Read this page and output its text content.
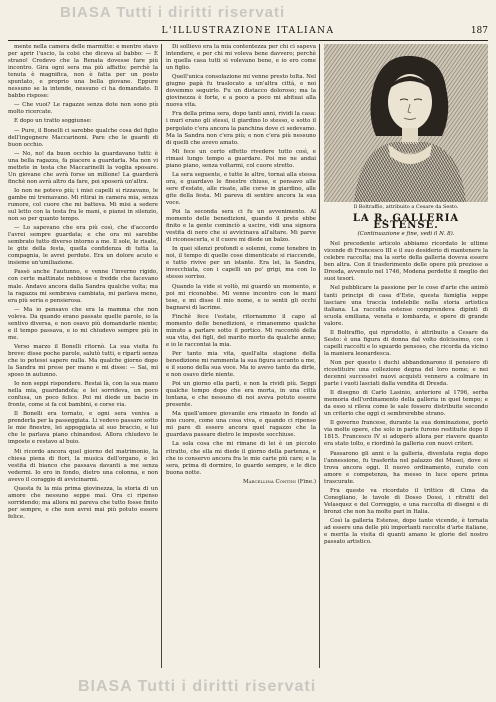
BIASA Tutti i diritti riservati
L'ILLUSTRAZIONE ITALIANA	187

mente nella camera delle marmitte: e mentre stavo per aprir l'uscio, la colsi che diceva al babbo: — È strano! Credevo che la Renata dovesse fare più incontro. Gira ogni sera ma più affatto: perchè la tenuta è magnifica, non è fatta per un posto spuntato, e proprio una bella giovane. Eppure nessuno se la intende, nessuno ci ha domandato. Il babbo rispose:

— Che vuoi? Le ragazze senza dote non sono più molto ricercate.

E dopo un tratto soggiunse:

— Pure, il Bonelli ci sarebbe qualche cosa del figlio dell'ingegnere Maccarinoni. Pare che le guardi di buon occhio.

— No, no! da buon occhio la guardavano tutti: è una bella ragazza, fa piacere a guardarla. Ma non vi mettete in testa che Maccarinelli la voglia sposare. Un giovane che avrà forse un milione! La guarderà finchè non avrà altro da fare, poi sposerà un'altra.

Io non ne potevo più; i miei capelli si rizzavano, le gambe mi tremavano. Mi ritirai in camera mia, senza rumore, col cuore che mi batteva. Mi misi a sedere sul letto con la testa fra le mani, e piansi in silenzio, non so per quanto tempo.

— Lo sapevano che era più così, che d'accordo l'avrei sempre guardata; e che ora mi sarebbe sembrato tutto diverso intorno a me. Il sole, le risate, le gite della festa, quella confidenza di tutta la compagnia, le avrei perdute. Era un dolore acuto e insieme un'umiliazione.

Passò anche l'autunno, e venne l'inverno rigido, con certe mattinate nebbiose e fredde che facevano male. Andavo ancora dalla Sandra qualche volta; ma la ragazza mi sembrava cambiata, mi parlava meno, era più seria e pensierosa.

— Ma io pensavo che era la mamma che non voleva. Da quando erano passate quelle parole, io la sentivo diversa, e non osavo più domandarle niente; e il tempo passava, e io mi chiudevo sempre più in me.

Verso marzo il Bonelli ritornò. La sua visita fu breve: disse poche parole, salutò tutti, e ripartì senza che io potessi sapere nulla. Ma qualche giorno dopo la Sandra mi prese per mano e mi disse: — Sai, mi sposo in autunno.

Io non seppi rispondere. Restai là, con la sua mano nella mia, guardandola; e lei sorrideva, un poco confusa, un poco felice. Poi mi diede un bacio in fronte, come si fa coi bambini, e corse via.

Il Bonelli era tornato, e ogni sera veniva a prenderla per la passeggiata. Li vedevo passare sotto le mie finestre, lei appoggiata al suo braccio, e lui che le parlava piano chinandosi. Allora chiudevo le imposte e restavo al buio.

Mi ricordo ancora quel giorno del matrimonio, la chiesa piena di fiori, la musica dell'organo, e lei vestita di bianco che passava davanti a me senza vedermi. Io ero in fondo, dietro una colonna, e non avevo il coraggio di avvicinarmi.

Questa fu la mia prima giovinezza, la storia di un amore che nessuno seppe mai. Ora ci ripenso sorridendo; ma allora mi pareva che tutto fosse finito per sempre, e che non avrei mai più potuto essere felice.

Di sollievo era la mia contentezza per chi ci sapeva intendere, e per chi mi voleva bene davvero; perchè in quella casa tutti si volevano bene, e io ero come un figlio.

Quell'unica consolazione mi venne presto tolta. Nel giugno papà fu traslocato a un'altra città, e noi dovemmo seguirlo. Fu un distacco doloroso; ma la giovinezza è forte, e a poco a poco mi abituai alla nuova vita.

Fra della prima sera, dopo tanti anni, rividi la casa: i muri erano gli stessi, il giardino lo stesso, e sotto il pergolato c'era ancora la panchina dove ci sedevamo. Ma la Sandra non c'era più; e non c'era più nessuno di quelli che avevo amato.

Mi fece un certo effetto rivedere tutto così, e rimasi lungo tempo a guardare. Poi me ne andai piano piano, senza voltarmi, col cuore stretto.

La sera seguente, e tutte le altre, tornai alla stessa ora, e guardavo le finestre chiuse, e pensavo alle sere d'estate, alle risate, alle corse in giardino, alle gite della festa. Mi pareva di sentire ancora la sua voce.

Poi la seconda sera ci fu un avvenimento. Al momento delle benedizioni, quando il prete ebbe finito e la gente cominciò a uscire, vidi una signora vestita di nero che si avvicinava all'altare. Mi parve di riconoscerla, e il cuore mi diede un balzo.

In quei silenzi profondi e solenni, come tenebre in noi, il tempo di quelle cose dimenticate si riaccende, e tutto rivive per un istante. Era lei, la Sandra, invecchiata, con i capelli un po' grigi, ma con lo stesso sorriso.

Quando la vide si voltò, mi guardò un momento, e poi mi riconobbe. Mi venne incontro con le mani tese, e mi disse il mio nome, e io sentii gli occhi bagnarsi di lacrime.

Finchè fece l'estate, ritornammo il capo al momento delle benedizioni, e rimanemmo qualche minuto a parlare sotto il portico. Mi raccontò della sua vita, dei figli, del marito morto da qualche anno; e io le raccontai la mia.

Per tanto mia vita, quell'alta stagione della benedizione mi rammenta la sua figura accanto a me, e il suono della sua voce. Ma io avevo tanto da dirle, e non osavo dirle niente.

Poi un giorno ella partì, e non la rividi più. Seppi qualche tempo dopo che era morta, in una città lontana, e che nessuno di noi aveva potuto essere presente.

Ma quell'amore giovanile era rimasto in fondo al mio cuore, come una cosa viva, e quando ci ripenso mi pare di essere ancora quel ragazzo che la guardava passare dietro le imposte socchiuse.

La sola cosa che mi rimane di lei è un piccolo ritratto, che ella mi diede il giorno della partenza, e che io conservo ancora fra le mie carte più care; e la sera, prima di dormire, lo guardo sempre, e le dico buona notte.

Marcellina Contini (Fine.)
Il Boltraffio, attribuito a Cesare da Sesto.
LA R. GALLERIA ESTENSE.
(Continuazione e fine, vedi il N. 8).

Nel precedente articolo abbiamo ricordato le ultime vicende di Francesco III e il suo desiderio di mantenere la celebre raccolta; ma la sorte della galleria doveva essere ben altra. Con il trasferimento delle opere più preziose a Dresda, avvenuto nel 1746, Modena perdette il meglio dei suoi tesori.

Nel pubblicare la passione per le cose d'arte che animò tanti principi di casa d'Este, questa famiglia seppe lasciare una traccia indelebile nella storia artistica italiana. La raccolta estense comprendeva dipinti di scuola emiliana, veneta e lombarda, e opere di grande valore.

Il Boltraffio, qui riprodotto, è attribuito a Cesare da Sesto: è una figura di donna dal volto dolcissimo, con i capelli raccolti e lo sguardo pensoso, che ricorda da vicino la maniera leonardesca.

Non per questo i duchi abbandonarono il pensiero di ricostituire una collezione degna del loro nome; e nei decenni successivi nuovi acquisti vennero a colmare in parte i vuoti lasciati dalla vendita di Dresda.

Il disegno di Carlo Lasinio, anteriore al 1796, serba memoria dell'ordinamento della galleria in quel tempo; e da esso si rileva come le sale fossero distribuite secondo un criterio che oggi ci sembrerebbe strano.

Il governo francese, durante la sua dominazione, portò via molte opere, che solo in parte furono restituite dopo il 1815. Francesco IV si adoperò allora per riavere quanto era stato tolto, e riordinò la galleria con nuovi criteri.

Passarono gli anni e la galleria, diventata regia dopo l'annessione, fu trasferita nel palazzo dei Musei, dove si trova ancora oggi. Il nuovo ordinamento, curato con amore e competenza, ha messo in luce opere prima trascurate.

Fra queste va ricordato il trittico di Cima da Conegliano, le tavole di Dosso Dossi, i ritratti del Velasquez e del Correggio, e una raccolta di disegni e di bronzi che non ha molte pari in Italia.

Così la galleria Estense, dopo tante vicende, è tornata ad essere una delle più importanti raccolte d'arte italiane, e merita la visita di quanti amano le glorie del nostro passato artistico.

BIASA Tutti i diritti riservati
